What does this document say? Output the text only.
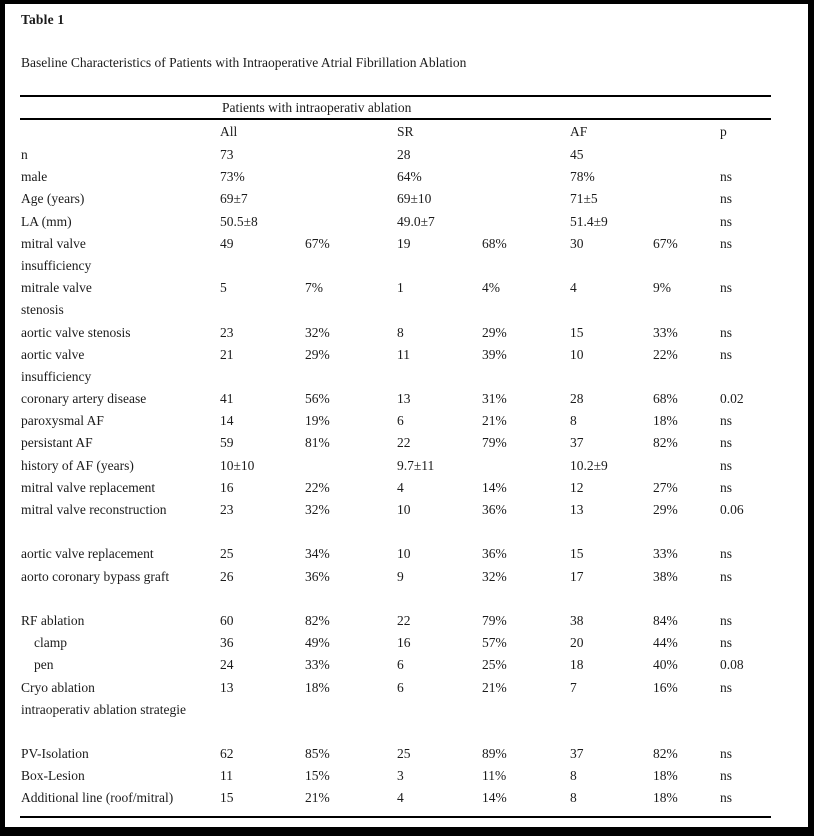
Table 1
Baseline Characteristics of Patients with Intraoperative Atrial Fibrillation Ablation
Patients with intraoperativ ablation
All	SR	AF	p
n	73	28	45
male	73%	64%	78%	ns
Age (years)	69±7	69±10	71±5	ns
LA (mm)	50.5±8	49.0±7	51.4±9	ns
mitral valve	49	67%	19	68%	30	67%	ns
insufficiency
mitrale valve	5	7%	1	4%	4	9%	ns
stenosis
aortic valve stenosis	23	32%	8	29%	15	33%	ns
aortic valve	21	29%	11	39%	10	22%	ns
insufficiency
coronary artery disease	41	56%	13	31%	28	68%	0.02
paroxysmal AF	14	19%	6	21%	8	18%	ns
persistant AF	59	81%	22	79%	37	82%	ns
history of AF (years)	10±10	9.7±11	10.2±9	ns
mitral valve replacement	16	22%	4	14%	12	27%	ns
mitral valve reconstruction	23	32%	10	36%	13	29%	0.06
aortic valve replacement	25	34%	10	36%	15	33%	ns
aorto coronary bypass graft	26	36%	9	32%	17	38%	ns
RF ablation	60	82%	22	79%	38	84%	ns
clamp	36	49%	16	57%	20	44%	ns
pen	24	33%	6	25%	18	40%	0.08
Cryo ablation	13	18%	6	21%	7	16%	ns
intraoperativ ablation strategie
PV-Isolation	62	85%	25	89%	37	82%	ns
Box-Lesion	11	15%	3	11%	8	18%	ns
Additional line (roof/mitral)	15	21%	4	14%	8	18%	ns
